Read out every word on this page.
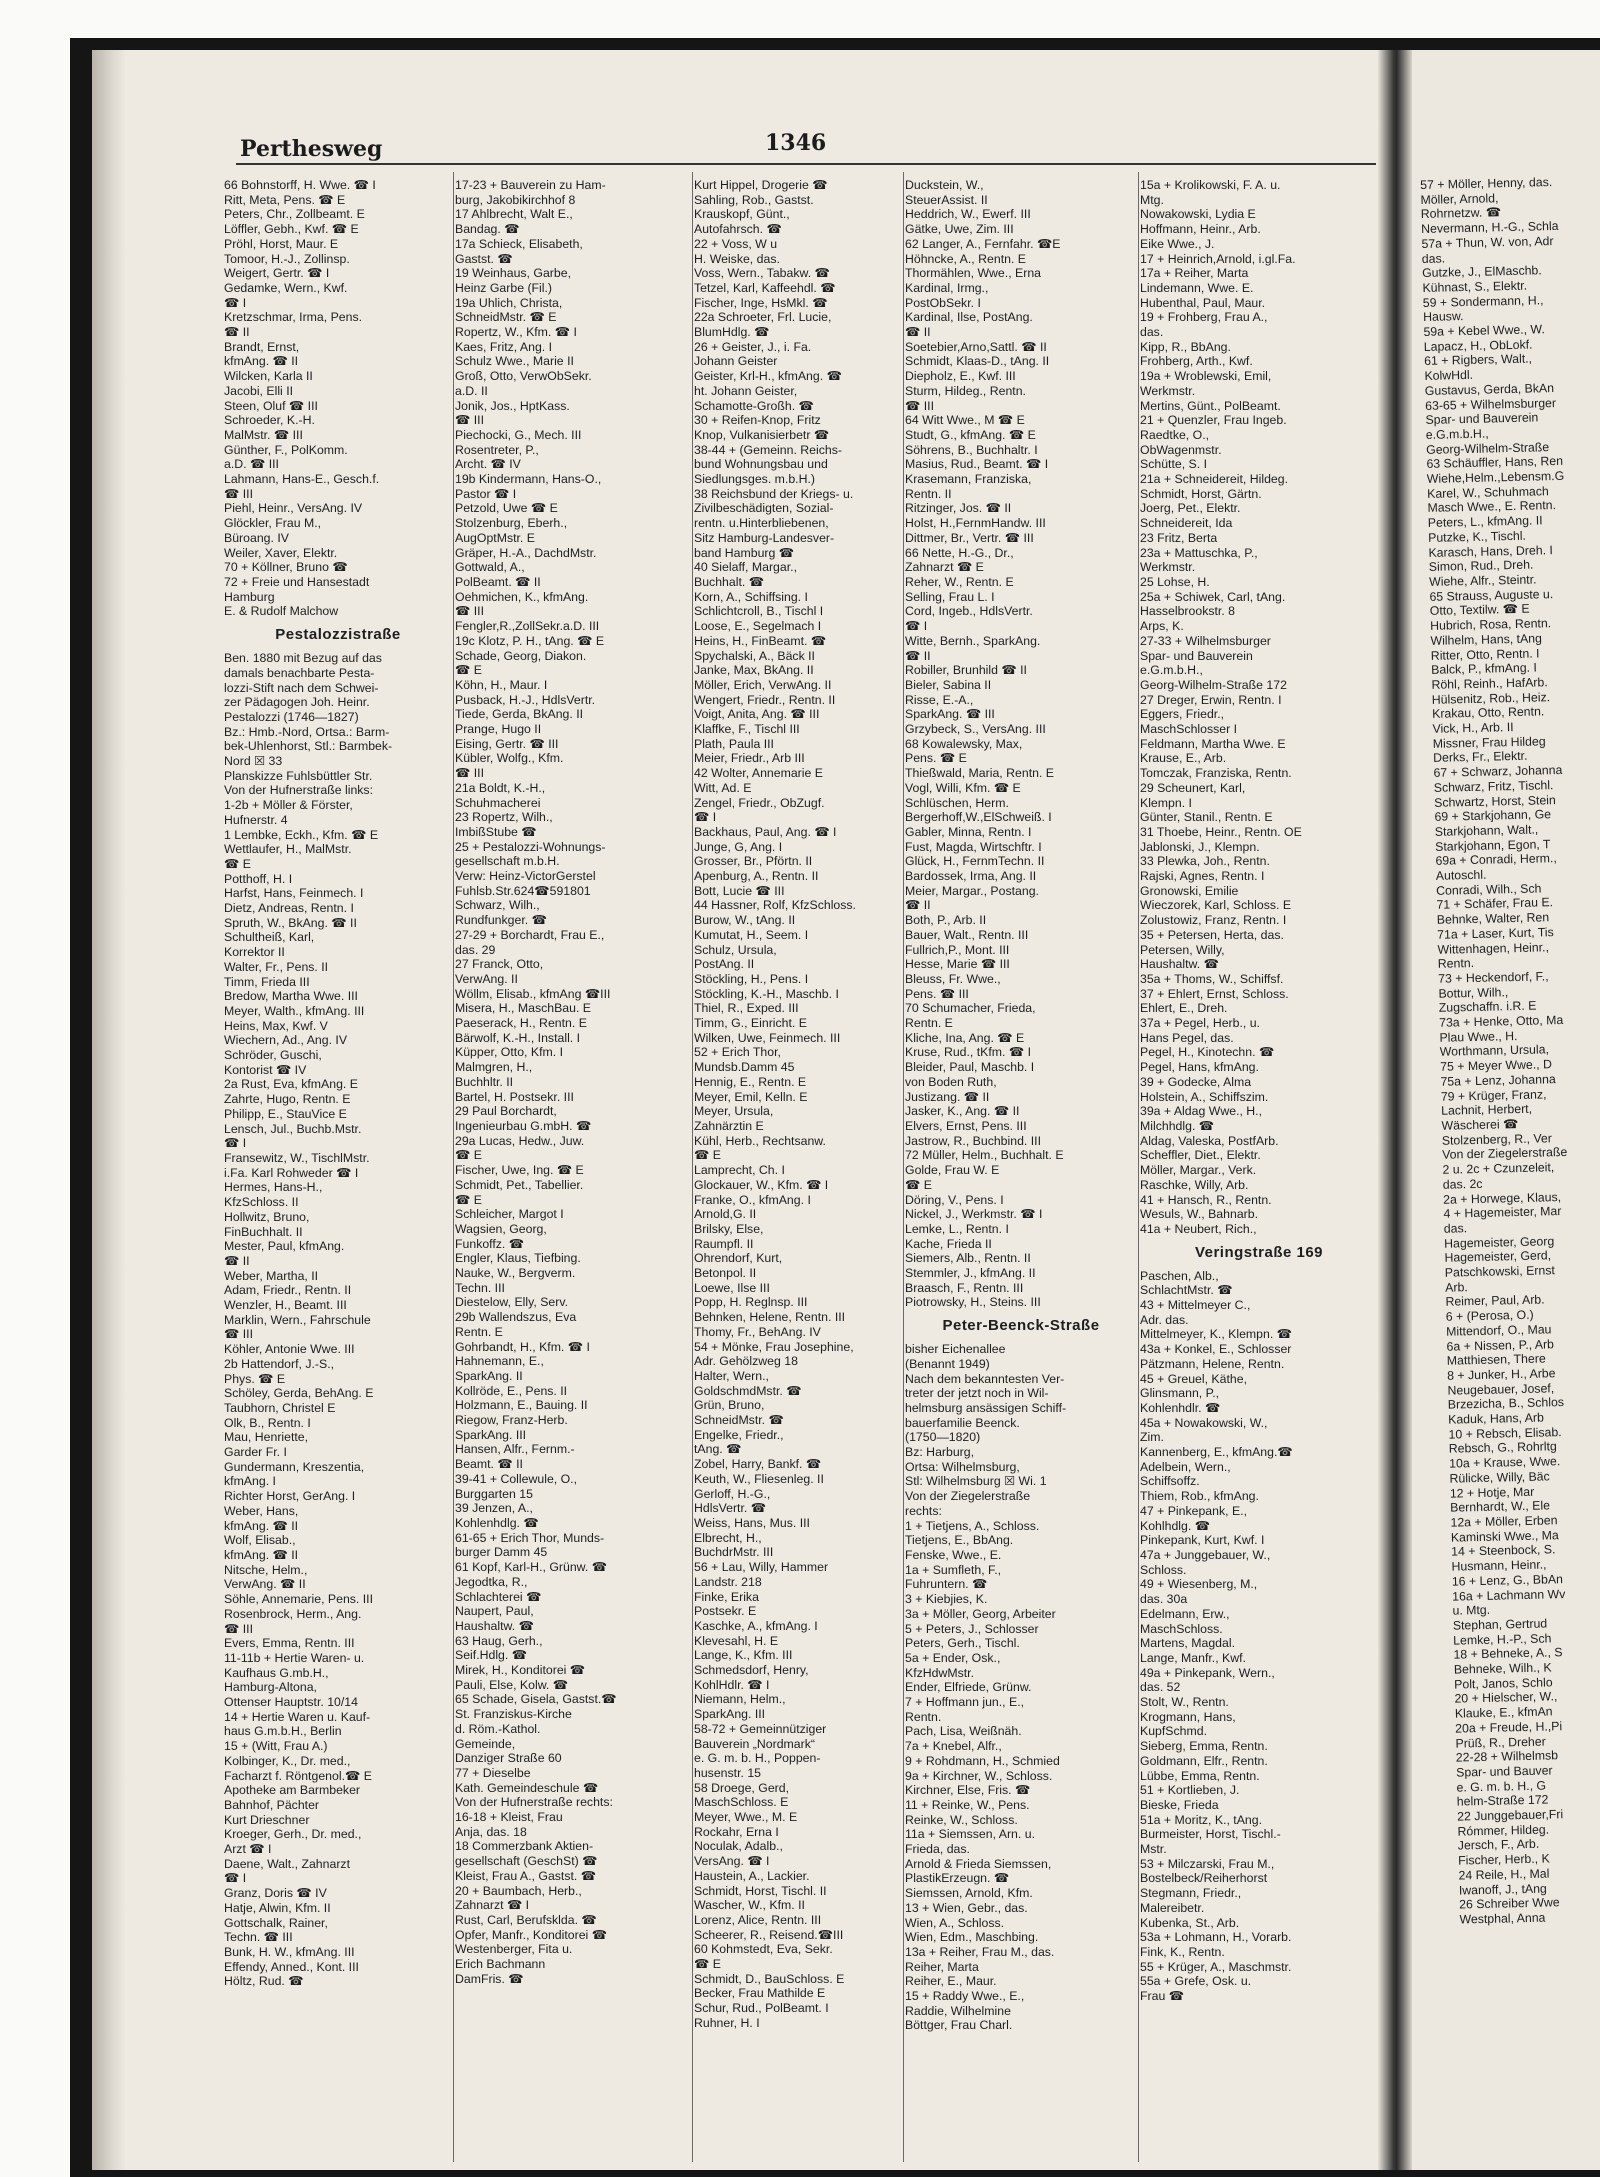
Perthesweg	1346
66 Bohnstorff, H. Wwe. ☎ I
Ritt, Meta, Pens. ☎ E
Peters, Chr., Zollbeamt. E
Löffler, Gebh., Kwf. ☎ E
Pröhl, Horst, Maur. E
Tomoor, H.-J., Zollinsp.
Weigert, Gertr. ☎ I
Gedamke, Wern., Kwf.
☎ I
Kretzschmar, Irma, Pens.
☎ II
Brandt, Ernst,
kfmAng. ☎ II
Wilcken, Karla II
Jacobi, Elli II
Steen, Oluf ☎ III
Schroeder, K.-H.
MalMstr. ☎ III
Günther, F., PolKomm.
a.D. ☎ III
Lahmann, Hans-E., Gesch.f.
☎ III
Piehl, Heinr., VersAng. IV
Glöckler, Frau M.,
Büroang. IV
Weiler, Xaver, Elektr.
70 + Köllner, Bruno ☎
72 + Freie und Hansestadt
Hamburg
E. & Rudolf Malchow
Pestalozzistraße
Ben. 1880 mit Bezug auf das
damals benachbarte Pesta-
lozzi-Stift nach dem Schwei-
zer Pädagogen Joh. Heinr.
Pestalozzi (1746—1827)
Bz.: Hmb.-Nord, Ortsa.: Barm-
bek-Uhlenhorst, Stl.: Barmbek-
Nord ☒ 33
Planskizze Fuhlsbüttler Str.
Von der Hufnerstraße links:
1-2b + Möller & Förster,
Hufnerstr. 4
1 Lembke, Eckh., Kfm. ☎ E
Wettlaufer, H., MalMstr.
☎ E
Potthoff, H. I
Harfst, Hans, Feinmech. I
Dietz, Andreas, Rentn. I
Spruth, W., BkAng. ☎ II
Schultheiß, Karl,
Korrektor II
Walter, Fr., Pens. II
Timm, Frieda III
Bredow, Martha Wwe. III
Meyer, Walth., kfmAng. III
Heins, Max, Kwf. V
Wiechern, Ad., Ang. IV
Schröder, Guschi,
Kontorist ☎ IV
2a Rust, Eva, kfmAng. E
Zahrte, Hugo, Rentn. E
Philipp, E., StauVice E
Lensch, Jul., Buchb.Mstr.
☎ I
Fransewitz, W., TischlMstr.
i.Fa. Karl Rohweder ☎ I
Hermes, Hans-H.,
KfzSchloss. II
Hollwitz, Bruno,
FinBuchhalt. II
Mester, Paul, kfmAng.
☎ II
Weber, Martha, II
Adam, Friedr., Rentn. II
Wenzler, H., Beamt. III
Marklin, Wern., Fahrschule
☎ III
Köhler, Antonie Wwe. III
2b Hattendorf, J.-S.,
Phys. ☎ E
Schöley, Gerda, BehAng. E
Taubhorn, Christel E
Olk, B., Rentn. I
Mau, Henriette,
Garder Fr. I
Gundermann, Kreszentia,
kfmAng. I
Richter Horst, GerAng. I
Weber, Hans,
kfmAng. ☎ II
Wolf, Elisab.,
kfmAng. ☎ II
Nitsche, Helm.,
VerwAng. ☎ II
Söhle, Annemarie, Pens. III
Rosenbrock, Herm., Ang.
☎ III
Evers, Emma, Rentn. III
11-11b + Hertie Waren- u.
Kaufhaus G.mb.H.,
Hamburg-Altona,
Ottenser Hauptstr. 10/14
14 + Hertie Waren u. Kauf-
haus G.m.b.H., Berlin
15 + (Witt, Frau A.)
Kolbinger, K., Dr. med.,
Facharzt f. Röntgenol.☎ E
Apotheke am Barmbeker
Bahnhof, Pächter
Kurt Drieschner
Kroeger, Gerh., Dr. med.,
Arzt ☎ I
Daene, Walt., Zahnarzt
☎ I
Granz, Doris ☎ IV
Hatje, Alwin, Kfm. II
Gottschalk, Rainer,
Techn. ☎ III
Bunk, H. W., kfmAng. III
Effendy, Anned., Kont. III
Höltz, Rud. ☎
17-23 + Bauverein zu Ham-
burg, Jakobikirchhof 8
17 Ahlbrecht, Walt E.,
Bandag. ☎
17a Schieck, Elisabeth,
Gastst. ☎
19 Weinhaus, Garbe,
Heinz Garbe (Fil.)
19a Uhlich, Christa,
SchneidMstr. ☎ E
Ropertz, W., Kfm. ☎ I
Kaes, Fritz, Ang. I
Schulz Wwe., Marie II
Groß, Otto, VerwObSekr.
a.D. II
Jonik, Jos., HptKass.
☎ III
Piechocki, G., Mech. III
Rosentreter, P.,
Archt. ☎ IV
19b Kindermann, Hans-O.,
Pastor ☎ I
Petzold, Uwe ☎ E
Stolzenburg, Eberh.,
AugOptMstr. E
Gräper, H.-A., DachdMstr.
Gottwald, A.,
PolBeamt. ☎ II
Oehmichen, K., kfmAng.
☎ III
Fengler,R.,ZollSekr.a.D. III
19c Klotz, P. H., tAng. ☎ E
Schade, Georg, Diakon.
☎ E
Köhn, H., Maur. I
Pusback, H.-J., HdlsVertr.
Tiede, Gerda, BkAng. II
Prange, Hugo II
Eising, Gertr. ☎ III
Kübler, Wolfg., Kfm.
☎ III
21a Boldt, K.-H.,
Schuhmacherei
23 Ropertz, Wilh.,
ImbißStube ☎
25 + Pestalozzi-Wohnungs-
gesellschaft m.b.H.
Verw: Heinz-VictorGerstel
Fuhlsb.Str.624☎591801
Schwarz, Wilh.,
Rundfunkger. ☎
27-29 + Borchardt, Frau E.,
das. 29
27 Franck, Otto,
VerwAng. II
Wöllm, Elisab., kfmAng ☎III
Misera, H., MaschBau. E
Paeserack, H., Rentn. E
Bärwolf, K.-H., Install. I
Küpper, Otto, Kfm. I
Malmgren, H.,
Buchhltr. II
Bartel, H. Postsekr. III
29 Paul Borchardt,
Ingenieurbau G.mbH. ☎
29a Lucas, Hedw., Juw.
☎ E
Fischer, Uwe, Ing. ☎ E
Schmidt, Pet., Tabellier.
☎ E
Schleicher, Margot I
Wagsien, Georg,
Funkoffz. ☎
Engler, Klaus, Tiefbing.
Nauke, W., Bergverm.
Techn. III
Diestelow, Elly, Serv.
29b Wallendszus, Eva
Rentn. E
Gohrbandt, H., Kfm. ☎ I
Hahnemann, E.,
SparkAng. II
Kollröde, E., Pens. II
Holzmann, E., Bauing. II
Riegow, Franz-Herb.
SparkAng. III
Hansen, Alfr., Fernm.-
Beamt. ☎ II
39-41 + Collewule, O.,
Burggarten 15
39 Jenzen, A.,
Kohlenhdlg. ☎
61-65 + Erich Thor, Munds-
burger Damm 45
61 Kopf, Karl-H., Grünw. ☎
Jegodtka, R.,
Schlachterei ☎
Naupert, Paul,
Haushaltw. ☎
63 Haug, Gerh.,
Seif.Hdlg. ☎
Mirek, H., Konditorei ☎
Pauli, Else, Kolw. ☎
65 Schade, Gisela, Gastst.☎
St. Franziskus-Kirche
d. Röm.-Kathol.
Gemeinde,
Danziger Straße 60
77 + Dieselbe
Kath. Gemeindeschule ☎
Von der Hufnerstraße rechts:
16-18 + Kleist, Frau
Anja, das. 18
18 Commerzbank Aktien-
gesellschaft (GeschSt) ☎
Kleist, Frau A., Gastst. ☎
20 + Baumbach, Herb.,
Zahnarzt ☎ I
Rust, Carl, Berufsklda. ☎
Opfer, Manfr., Konditorei ☎
Westenberger, Fita u.
Erich Bachmann
DamFris. ☎
Kurt Hippel, Drogerie ☎
Sahling, Rob., Gastst.
Krauskopf, Günt.,
Autofahrsch. ☎
22 + Voss, W u
H. Weiske, das.
Voss, Wern., Tabakw. ☎
Tetzel, Karl, Kaffeehdl. ☎
Fischer, Inge, HsMkl. ☎
22a Schroeter, Frl. Lucie,
BlumHdlg. ☎
26 + Geister, J., i. Fa.
Johann Geister
Geister, Krl-H., kfmAng. ☎
ht. Johann Geister,
Schamotte-Großh. ☎
30 + Reifen-Knop, Fritz
Knop, Vulkanisierbetr ☎
38-44 + (Gemeinn. Reichs-
bund Wohnungsbau und
Siedlungsges. m.b.H.)
38 Reichsbund der Kriegs- u.
Zivilbeschädigten, Sozial-
rentn. u.Hinterbliebenen,
Sitz Hamburg-Landesver-
band Hamburg ☎
40 Sielaff, Margar.,
Buchhalt. ☎
Korn, A., Schiffsing. I
Schlichtcroll, B., Tischl I
Loose, E., Segelmach I
Heins, H., FinBeamt. ☎
Spychalski, A., Bäck II
Janke, Max, BkAng. II
Möller, Erich, VerwAng. II
Wengert, Friedr., Rentn. II
Voigt, Anita, Ang. ☎ III
Klaffke, F., Tischl III
Plath, Paula III
Meier, Friedr., Arb III
42 Wolter, Annemarie E
Witt, Ad. E
Zengel, Friedr., ObZugf.
☎ I
Backhaus, Paul, Ang. ☎ I
Junge, G, Ang. I
Grosser, Br., Pförtn. II
Apenburg, A., Rentn. II
Bott, Lucie ☎ III
44 Hassner, Rolf, KfzSchloss.
Burow, W., tAng. II
Kumutat, H., Seem. I
Schulz, Ursula,
PostAng. II
Stöckling, H., Pens. I
Stöckling, K.-H., Maschb. I
Thiel, R., Exped. III
Timm, G., Einricht. E
Wilken, Uwe, Feinmech. III
52 + Erich Thor,
Mundsb.Damm 45
Hennig, E., Rentn. E
Meyer, Emil, Kelln. E
Meyer, Ursula,
Zahnärztin E
Kühl, Herb., Rechtsanw.
☎ E
Lamprecht, Ch. I
Glockauer, W., Kfm. ☎ I
Franke, O., kfmAng. I
Arnold,G. II
Brilsky, Else,
Raumpfl. II
Ohrendorf, Kurt,
Betonpol. II
Loewe, Ilse III
Popp, H. Reglnsp. III
Behnken, Helene, Rentn. III
Thomy, Fr., BehAng. IV
54 + Mönke, Frau Josephine,
Adr. Gehölzweg 18
Halter, Wern.,
GoldschmdMstr. ☎
Grün, Bruno,
SchneidMstr. ☎
Engelke, Friedr.,
tAng. ☎
Zobel, Harry, Bankf. ☎
Keuth, W., Fliesenleg. II
Gerloff, H.-G.,
HdlsVertr. ☎
Weiss, Hans, Mus. III
Elbrecht, H.,
BuchdrMstr. III
56 + Lau, Willy, Hammer
Landstr. 218
Finke, Erika
Postsekr. E
Kaschke, A., kfmAng. I
Klevesahl, H. E
Lange, K., Kfm. III
Schmedsdorf, Henry,
KohlHdlr. ☎ I
Niemann, Helm.,
SparkAng. III
58-72 + Gemeinnütziger
Bauverein „Nordmark“
e. G. m. b. H., Poppen-
husenstr. 15
58 Droege, Gerd,
MaschSchloss. E
Meyer, Wwe., M. E
Rockahr, Erna I
Noculak, Adalb.,
VersAng. ☎ I
Haustein, A., Lackier.
Schmidt, Horst, Tischl. II
Wascher, W., Kfm. II
Lorenz, Alice, Rentn. III
Scheerer, R., Reisend.☎III
60 Kohmstedt, Eva, Sekr.
☎ E
Schmidt, D., BauSchloss. E
Becker, Frau Mathilde E
Schur, Rud., PolBeamt. I
Ruhner, H. I
Duckstein, W.,
SteuerAssist. II
Heddrich, W., Ewerf. III
Gätke, Uwe, Zim. III
62 Langer, A., Fernfahr. ☎E
Höhncke, A., Rentn. E
Thormählen, Wwe., Erna
Kardinal, Irmg.,
PostObSekr. I
Kardinal, Ilse, PostAng.
☎ II
Soetebier,Arno,Sattl. ☎ II
Schmidt, Klaas-D., tAng. II
Diepholz, E., Kwf. III
Sturm, Hildeg., Rentn.
☎ III
64 Witt Wwe., M ☎ E
Studt, G., kfmAng. ☎ E
Söhrens, B., Buchhaltr. I
Masius, Rud., Beamt. ☎ I
Krasemann, Franziska,
Rentn. II
Ritzinger, Jos. ☎ II
Holst, H.,FernmHandw. III
Dittmer, Br., Vertr. ☎ III
66 Nette, H.-G., Dr.,
Zahnarzt ☎ E
Reher, W., Rentn. E
Selling, Frau L. I
Cord, Ingeb., HdlsVertr.
☎ I
Witte, Bernh., SparkAng.
☎ II
Robiller, Brunhild ☎ II
Bieler, Sabina II
Risse, E.-A.,
SparkAng. ☎ III
Grzybeck, S., VersAng. III
68 Kowalewsky, Max,
Pens. ☎ E
Thießwald, Maria, Rentn. E
Vogl, Willi, Kfm. ☎ E
Schlüschen, Herm.
Bergerhoff,W.,ElSchweiß. I
Gabler, Minna, Rentn. I
Fust, Magda, Wirtschftr. I
Glück, H., FernmTechn. II
Bardossek, Irma, Ang. II
Meier, Margar., Postang.
☎ II
Both, P., Arb. II
Bauer, Walt., Rentn. III
Fullrich,P., Mont. III
Hesse, Marie ☎ III
Bleuss, Fr. Wwe.,
Pens. ☎ III
70 Schumacher, Frieda,
Rentn. E
Kliche, Ina, Ang. ☎ E
Kruse, Rud., tKfm. ☎ I
Bleider, Paul, Maschb. I
von Boden Ruth,
Justizang. ☎ II
Jasker, K., Ang. ☎ II
Elvers, Ernst, Pens. III
Jastrow, R., Buchbind. III
72 Müller, Helm., Buchhalt. E
Golde, Frau W. E
☎ E
Döring, V., Pens. I
Nickel, J., Werkmstr. ☎ I
Lemke, L., Rentn. I
Kache, Frieda II
Siemers, Alb., Rentn. II
Stemmler, J., kfmAng. II
Braasch, F., Rentn. III
Piotrowsky, H., Steins. III
Peter-Beenck-Straße
bisher Eichenallee
(Benannt 1949)
Nach dem bekanntesten Ver-
treter der jetzt noch in Wil-
helmsburg ansässigen Schiff-
bauerfamilie Beenck.
(1750—1820)
Bz: Harburg,
Ortsa: Wilhelmsburg,
Stl: Wilhelmsburg ☒ Wi. 1
Von der Ziegelerstraße
rechts:
1 + Tietjens, A., Schloss.
Tietjens, E., BbAng.
Fenske, Wwe., E.
1a + Sumfleth, F.,
Fuhruntern. ☎
3 + Kiebjies, K.
3a + Möller, Georg, Arbeiter
5 + Peters, J., Schlosser
Peters, Gerh., Tischl.
5a + Ender, Osk.,
KfzHdwMstr.
Ender, Elfriede, Grünw.
7 + Hoffmann jun., E.,
Rentn.
Pach, Lisa, Weißnäh.
7a + Knebel, Alfr.,
9 + Rohdmann, H., Schmied
9a + Kirchner, W., Schloss.
Kirchner, Else, Fris. ☎
11 + Reinke, W., Pens.
Reinke, W., Schloss.
11a + Siemssen, Arn. u.
Frieda, das.
Arnold & Frieda Siemssen,
PlastikErzeugn. ☎
Siemssen, Arnold, Kfm.
13 + Wien, Gebr., das.
Wien, A., Schloss.
Wien, Edm., Maschbing.
13a + Reiher, Frau M., das.
Reiher, Marta
Reiher, E., Maur.
15 + Raddy Wwe., E.,
Raddie, Wilhelmine
Böttger, Frau Charl.
15a + Krolikowski, F. A. u.
Mtg.
Nowakowski, Lydia E
Hoffmann, Heinr., Arb.
Eike Wwe., J.
17 + Heinrich,Arnold, i.gl.Fa.
17a + Reiher, Marta
Lindemann, Wwe. E.
Hubenthal, Paul, Maur.
19 + Frohberg, Frau A.,
das.
Kipp, R., BbAng.
Frohberg, Arth., Kwf.
19a + Wroblewski, Emil,
Werkmstr.
Mertins, Günt., PolBeamt.
21 + Quenzler, Frau Ingeb.
Raedtke, O.,
ObWagenmstr.
Schütte, S. I
21a + Schneidereit, Hildeg.
Schmidt, Horst, Gärtn.
Joerg, Pet., Elektr.
Schneidereit, Ida
23 Fritz, Berta
23a + Mattuschka, P.,
Werkmstr.
25 Lohse, H.
25a + Schiwek, Carl, tAng.
Hasselbrookstr. 8
Arps, K.
27-33 + Wilhelmsburger
Spar- und Bauverein
e.G.m.b.H.,
Georg-Wilhelm-Straße 172
27 Dreger, Erwin, Rentn. I
Eggers, Friedr.,
MaschSchlosser I
Feldmann, Martha Wwe. E
Krause, E., Arb.
Tomczak, Franziska, Rentn.
29 Scheunert, Karl,
Klempn. I
Günter, Stanil., Rentn. E
31 Thoebe, Heinr., Rentn. OE
Jablonski, J., Klempn.
33 Plewka, Joh., Rentn.
Rajski, Agnes, Rentn. I
Gronowski, Emilie
Wieczorek, Karl, Schloss. E
Zolustowiz, Franz, Rentn. I
35 + Petersen, Herta, das.
Petersen, Willy,
Haushaltw. ☎
35a + Thoms, W., Schiffsf.
37 + Ehlert, Ernst, Schloss.
Ehlert, E., Dreh.
37a + Pegel, Herb., u.
Hans Pegel, das.
Pegel, H., Kinotechn. ☎
Pegel, Hans, kfmAng.
39 + Godecke, Alma
Holstein, A., Schiffszim.
39a + Aldag Wwe., H.,
Milchhdlg. ☎
Aldag, Valeska, PostfArb.
Scheffler, Diet., Elektr.
Möller, Margar., Verk.
Raschke, Willy, Arb.
41 + Hansch, R., Rentn.
Wesuls, W., Bahnarb.
41a + Neubert, Rich.,
Veringstraße 169
Paschen, Alb.,
SchlachtMstr. ☎
43 + Mittelmeyer C.,
Adr. das.
Mittelmeyer, K., Klempn. ☎
43a + Konkel, E., Schlosser
Pätzmann, Helene, Rentn.
45 + Greuel, Käthe,
Glinsmann, P.,
Kohlenhdlr. ☎
45a + Nowakowski, W.,
Zim.
Kannenberg, E., kfmAng.☎
Adelbein, Wern.,
Schiffsoffz.
Thiem, Rob., kfmAng.
47 + Pinkepank, E.,
Kohlhdlg. ☎
Pinkepank, Kurt, Kwf. I
47a + Junggebauer, W.,
Schloss.
49 + Wiesenberg, M.,
das. 30a
Edelmann, Erw.,
MaschSchloss.
Martens, Magdal.
Lange, Manfr., Kwf.
49a + Pinkepank, Wern.,
das. 52
Stolt, W., Rentn.
Krogmann, Hans,
KupfSchmd.
Sieberg, Emma, Rentn.
Goldmann, Elfr., Rentn.
Lübbe, Emma, Rentn.
51 + Kortlieben, J.
Bieske, Frieda
51a + Moritz, K., tAng.
Burmeister, Horst, Tischl.-
Mstr.
53 + Milczarski, Frau M.,
Bostelbeck/Reiherhorst
Stegmann, Friedr.,
Malereibetr.
Kubenka, St., Arb.
53a + Lohmann, H., Vorarb.
Fink, K., Rentn.
55 + Krüger, A., Maschmstr.
55a + Grefe, Osk. u.
Frau ☎
57 + Möller, Henny, das.
Möller, Arnold,
Rohrnetzw. ☎
Nevermann, H.-G., Schla
57a + Thun, W. von, Adr
das.
Gutzke, J., ElMaschb.
Kühnast, S., Elektr.
59 + Sondermann, H.,
Hausw.
59a + Kebel Wwe., W.
Lapacz, H., ObLokf.
61 + Rigbers, Walt.,
KolwHdl.
Gustavus, Gerda, BkAn
63-65 + Wilhelmsburger
Spar- und Bauverein
e.G.m.b.H.,
Georg-Wilhelm-Straße
63 Schäuffler, Hans, Ren
Wiehe,Helm.,Lebensm.G
Karel, W., Schuhmach
Masch Wwe., E. Rentn.
Peters, L., kfmAng. II
Putzke, K., Tischl.
Karasch, Hans, Dreh. I
Simon, Rud., Dreh.
Wiehe, Alfr., Steintr.
65 Strauss, Auguste u.
Otto, Textilw. ☎ E
Hubrich, Rosa, Rentn.
Wilhelm, Hans, tAng
Ritter, Otto, Rentn. I
Balck, P., kfmAng. I
Röhl, Reinh., HafArb.
Hülsenitz, Rob., Heiz.
Krakau, Otto, Rentn.
Vick, H., Arb. II
Missner, Frau Hildeg
Derks, Fr., Elektr.
67 + Schwarz, Johanna
Schwarz, Fritz, Tischl.
Schwartz, Horst, Stein
69 + Starkjohann, Ge
Starkjohann, Walt.,
Starkjohann, Egon, T
69a + Conradi, Herm.,
Autoschl.
Conradi, Wilh., Sch
71 + Schäfer, Frau E.
Behnke, Walter, Ren
71a + Laser, Kurt, Tis
Wittenhagen, Heinr.,
Rentn.
73 + Heckendorf, F.,
Bottur, Wilh.,
Zugschaffn. i.R. E
73a + Henke, Otto, Ma
Plau Wwe., H.
Worthmann, Ursula,
75 + Meyer Wwe., D
75a + Lenz, Johanna
79 + Krüger, Franz,
Lachnit, Herbert,
Wäscherei ☎
Stolzenberg, R., Ver
Von der Ziegelerstraße
2 u. 2c + Czunzeleit,
das. 2c
2a + Horwege, Klaus,
4 + Hagemeister, Mar
das.
Hagemeister, Georg
Hagemeister, Gerd,
Patschkowski, Ernst
Arb.
Reimer, Paul, Arb.
6 + (Perosa, O.)
Mittendorf, O., Mau
6a + Nissen, P., Arb
Matthiesen, There
8 + Junker, H., Arbe
Neugebauer, Josef,
Brzezicha, B., Schlos
Kaduk, Hans, Arb
10 + Rebsch, Elisab.
Rebsch, G., Rohrltg
10a + Krause, Wwe.
Rülicke, Willy, Bäc
12 + Hotje, Mar
Bernhardt, W., Ele
12a + Möller, Erben
Kaminski Wwe., Ma
14 + Steenbock, S.
Husmann, Heinr.,
16 + Lenz, G., BbAn
16a + Lachmann Wv
u. Mtg.
Stephan, Gertrud
Lemke, H.-P., Sch
18 + Behneke, A., S
Behneke, Wilh., K
Polt, Janos, Schlo
20 + Hielscher, W.,
Klauke, E., kfmAn
20a + Freude, H.,Pi
Prüß, R., Dreher
22-28 + Wilhelmsb
Spar- und Bauver
e. G. m. b. H., G
helm-Straße 172
22 Junggebauer,Fri
Rómmer, Hildeg.
Jersch, F., Arb.
Fischer, Herb., K
24 Reile, H., Mal
Iwanoff, J., tAng
26 Schreiber Wwe
Westphal, Anna
